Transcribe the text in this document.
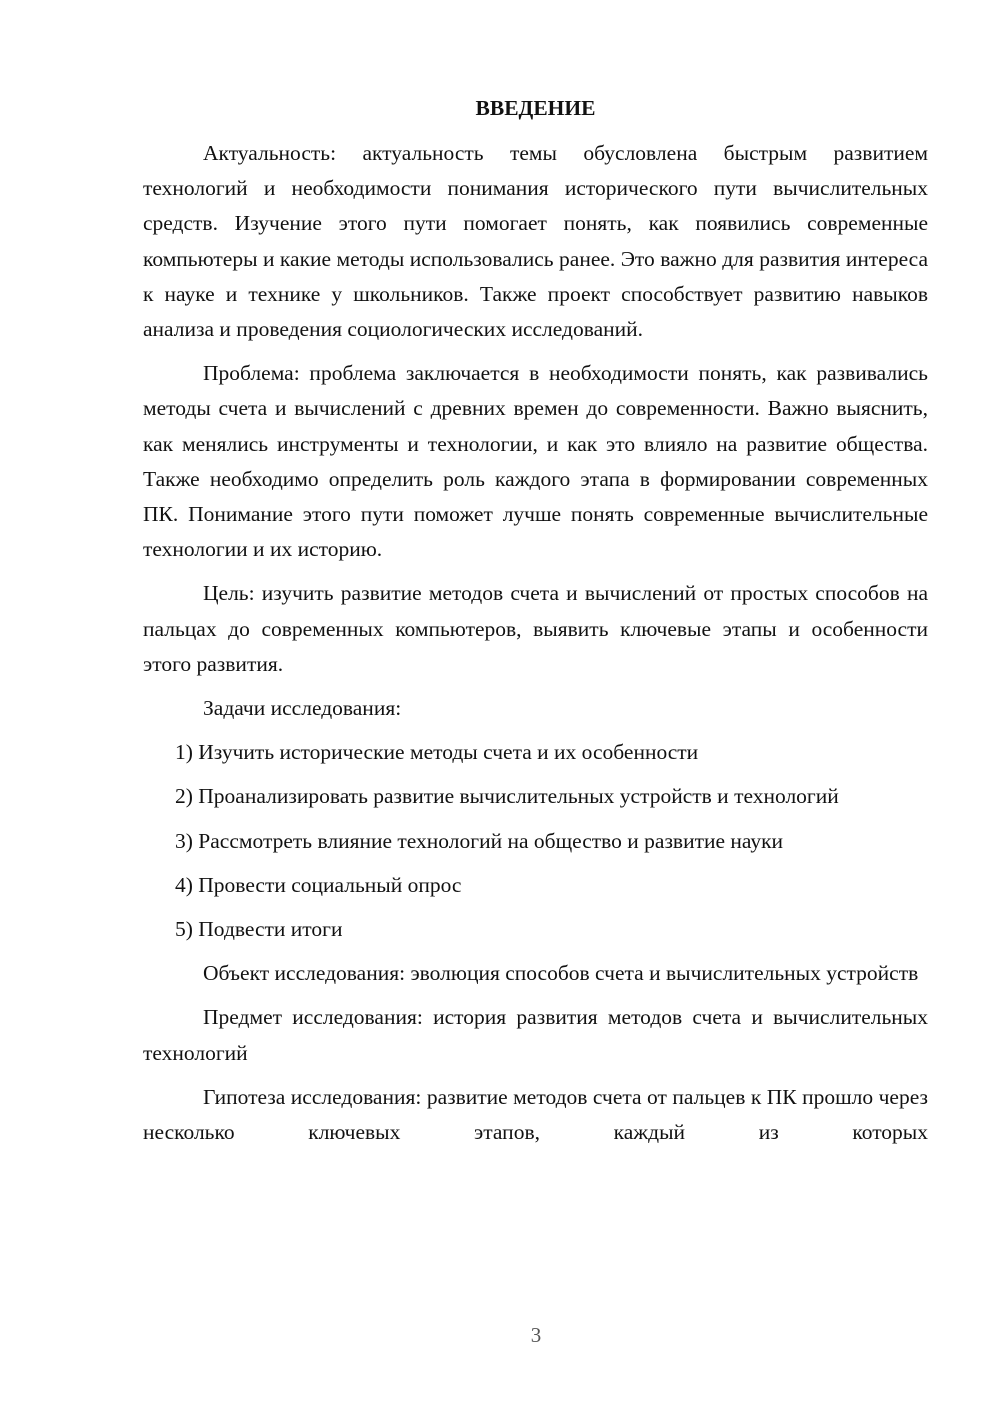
ВВЕДЕНИЕ

Актуальность: актуальность темы обусловлена быстрым развитием технологий и необходимости понимания исторического пути вычислительных средств. Изучение этого пути помогает понять, как появились современные компьютеры и какие методы использовались ранее. Это важно для развития интереса к науке и технике у школьников. Также проект способствует развитию навыков анализа и проведения социологических исследований.

Проблема: проблема заключается в необходимости понять, как развивались методы счета и вычислений с древних времен до современности. Важно выяснить, как менялись инструменты и технологии, и как это влияло на развитие общества. Также необходимо определить роль каждого этапа в формировании современных ПК. Понимание этого пути поможет лучше понять современные вычислительные технологии и их историю.

Цель: изучить развитие методов счета и вычислений от простых способов на пальцах до современных компьютеров, выявить ключевые этапы и особенности этого развития.

Задачи исследования:

1) Изучить исторические методы счета и их особенности

2) Проанализировать развитие вычислительных устройств и технологий

3) Рассмотреть влияние технологий на общество и развитие науки

4) Провести социальный опрос

5) Подвести итоги

Объект исследования: эволюция способов счета и вычислительных устройств

Предмет исследования: история развития методов счета и вычислительных технологий

Гипотеза исследования: развитие методов счета от пальцев к ПК прошло через несколько ключевых этапов, каждый из которых

3
